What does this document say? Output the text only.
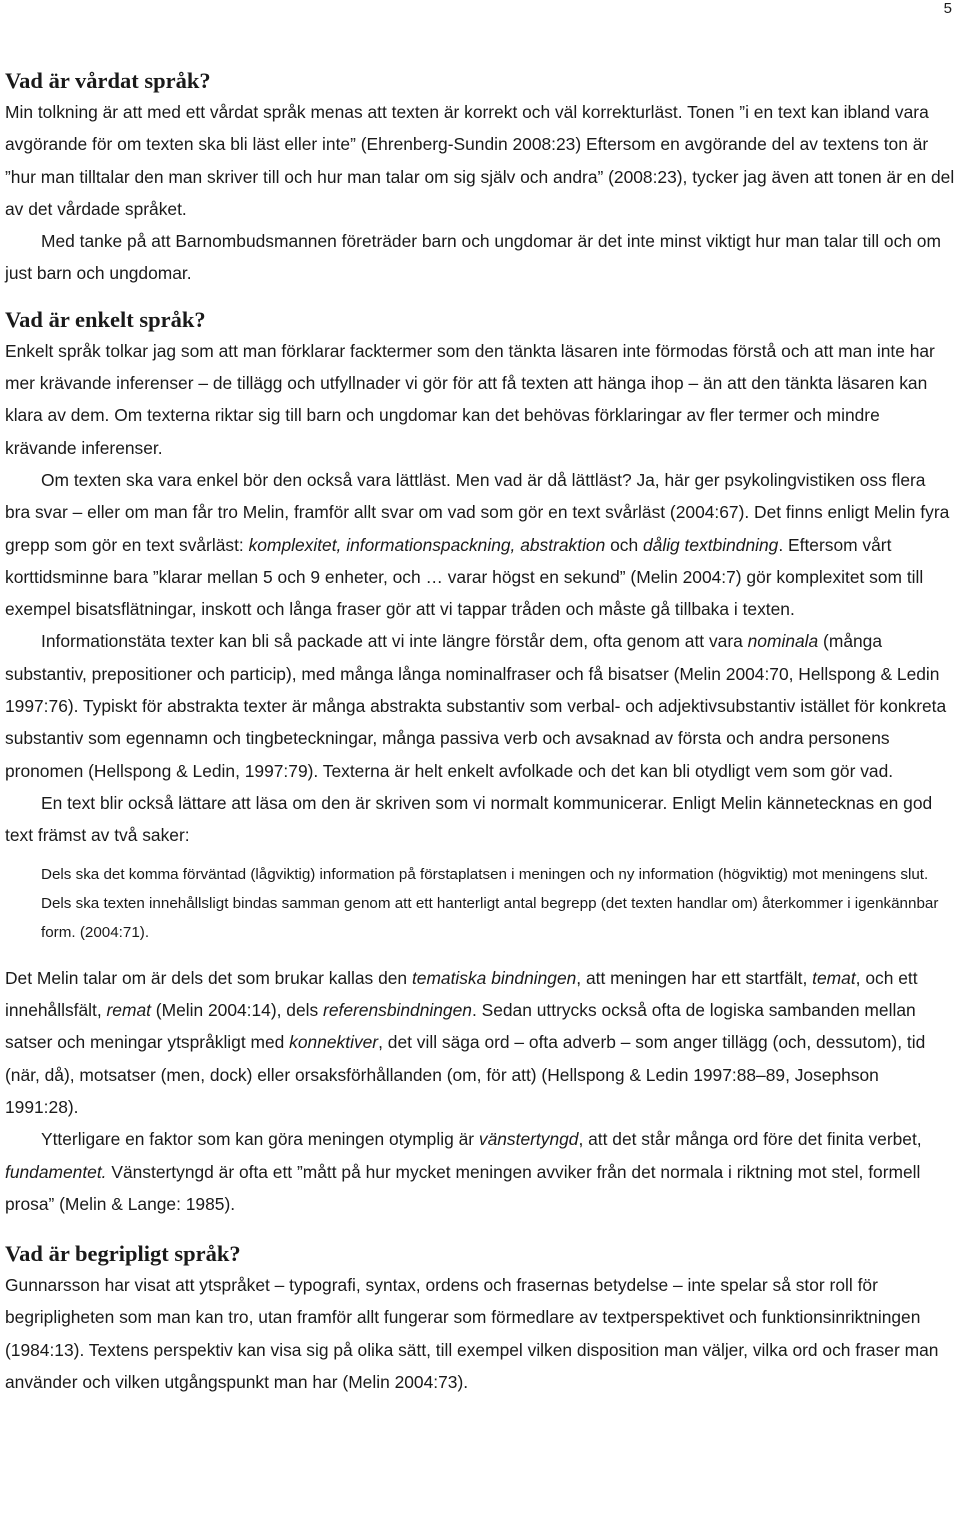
5
Vad är vårdat språk?

Min tolkning är att med ett vårdat språk menas att texten är korrekt och väl korrekturläst. Tonen ”i en text kan ibland vara avgörande för om texten ska bli läst eller inte” (Ehrenberg-Sundin 2008:23) Eftersom en avgörande del av textens ton är ”hur man tilltalar den man skriver till och hur man talar om sig själv och andra” (2008:23), tycker jag även att tonen är en del av det vårdade språket.

Med tanke på att Barnombudsmannen företräder barn och ungdomar är det inte minst viktigt hur man talar till och om just barn och ungdomar.

Vad är enkelt språk?

Enkelt språk tolkar jag som att man förklarar facktermer som den tänkta läsaren inte förmodas förstå och att man inte har mer krävande inferenser – de tillägg och utfyllnader vi gör för att få texten att hänga ihop – än att den tänkta läsaren kan klara av dem. Om texterna riktar sig till barn och ungdomar kan det behövas förklaringar av fler termer och mindre krävande inferenser.

Om texten ska vara enkel bör den också vara lättläst. Men vad är då lättläst? Ja, här ger psykolingvistiken oss flera bra svar – eller om man får tro Melin, framför allt svar om vad som gör en text svårläst (2004:67). Det finns enligt Melin fyra grepp som gör en text svårläst: komplexitet, informationspackning, abstraktion och dålig textbindning. Eftersom vårt korttidsminne bara ”klarar mellan 5 och 9 enheter, och … varar högst en sekund” (Melin 2004:7) gör komplexitet som till exempel bisatsflätningar, inskott och långa fraser gör att vi tappar tråden och måste gå tillbaka i texten.

Informationstäta texter kan bli så packade att vi inte längre förstår dem, ofta genom att vara nominala (många substantiv, prepositioner och particip), med många långa nominalfraser och få bisatser (Melin 2004:70, Hellspong & Ledin 1997:76). Typiskt för abstrakta texter är många abstrakta substantiv som verbal- och adjektivsubstantiv istället för konkreta substantiv som egennamn och tingbeteckningar, många passiva verb och avsaknad av första och andra personens pronomen (Hellspong & Ledin, 1997:79). Texterna är helt enkelt avfolkade och det kan bli otydligt vem som gör vad.

En text blir också lättare att läsa om den är skriven som vi normalt kommunicerar. Enligt Melin kännetecknas en god text främst av två saker:

Dels ska det komma förväntad (lågviktig) information på förstaplatsen i meningen och ny information (högviktig) mot meningens slut. Dels ska texten innehållsligt bindas samman genom att ett hanterligt antal begrepp (det texten handlar om) återkommer i igenkännbar form. (2004:71).

Det Melin talar om är dels det som brukar kallas den tematiska bindningen, att meningen har ett startfält, temat, och ett innehållsfält, remat (Melin 2004:14), dels referensbindningen. Sedan uttrycks också ofta de logiska sambanden mellan satser och meningar ytspråkligt med konnektiver, det vill säga ord – ofta adverb – som anger tillägg (och, dessutom), tid (när, då), motsatser (men, dock) eller orsaksförhållanden (om, för att) (Hellspong & Ledin 1997:88–89, Josephson 1991:28).

Ytterligare en faktor som kan göra meningen otymplig är vänstertyngd, att det står många ord före det finita verbet, fundamentet. Vänstertyngd är ofta ett ”mått på hur mycket meningen avviker från det normala i riktning mot stel, formell prosa” (Melin & Lange: 1985).

Vad är begripligt språk?

Gunnarsson har visat att ytspråket – typografi, syntax, ordens och frasernas betydelse – inte spelar så stor roll för begripligheten som man kan tro, utan framför allt fungerar som förmedlare av textperspektivet och funktionsinriktningen (1984:13). Textens perspektiv kan visa sig på olika sätt, till exempel vilken disposition man väljer, vilka ord och fraser man använder och vilken utgångspunkt man har (Melin 2004:73).
